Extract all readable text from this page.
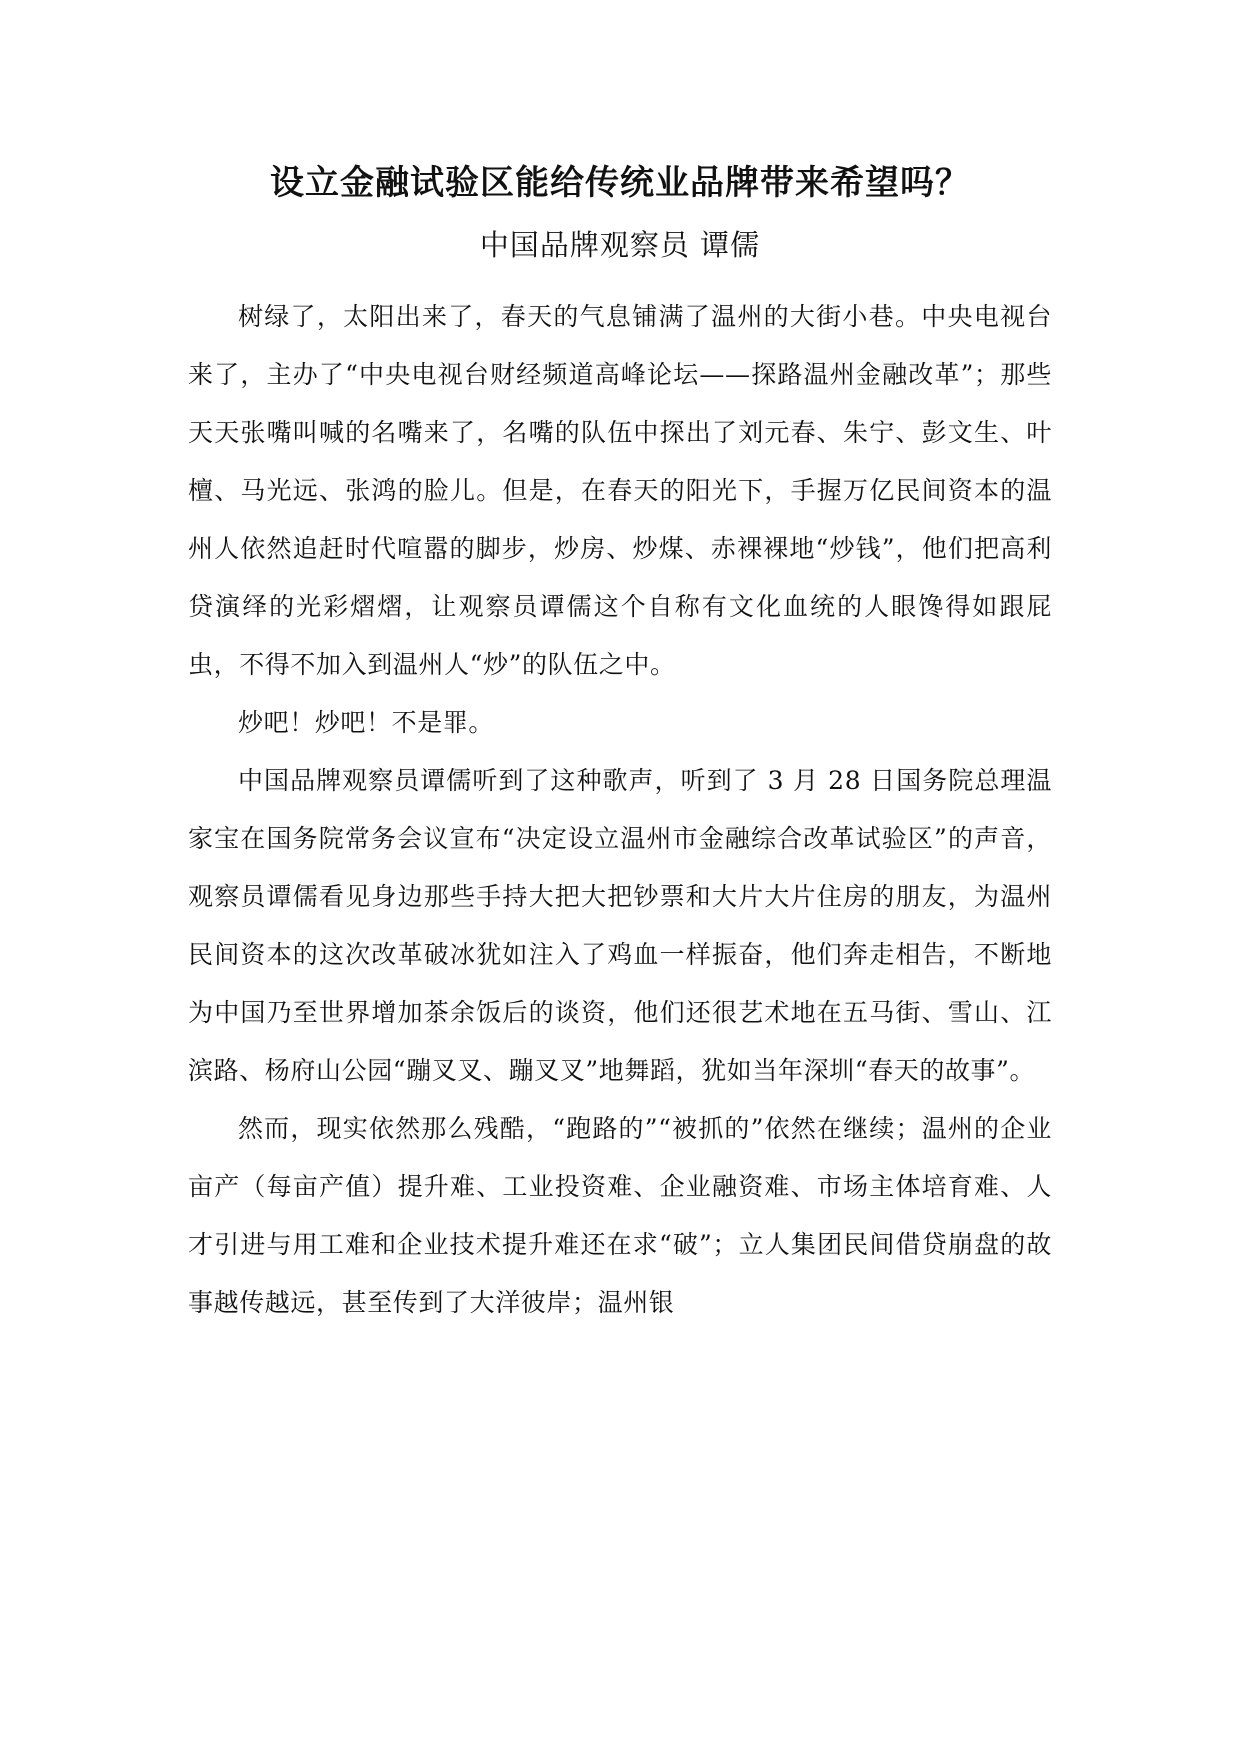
设立金融试验区能给传统业品牌带来希望吗？

中国品牌观察员 谭儒

树绿了，太阳出来了，春天的气息铺满了温州的大街小巷。中央电视台来了，主办了“中央电视台财经频道高峰论坛——探路温州金融改革”；那些天天张嘴叫喊的名嘴来了，名嘴的队伍中探出了刘元春、朱宁、彭文生、叶檀、马光远、张鸿的脸儿。但是，在春天的阳光下，手握万亿民间资本的温州人依然追赶时代喧嚣的脚步，炒房、炒煤、赤裸裸地“炒钱”，他们把高利贷演绎的光彩熠熠，让观察员谭儒这个自称有文化血统的人眼馋得如跟屁虫，不得不加入到温州人“炒”的队伍之中。

炒吧！炒吧！不是罪。

中国品牌观察员谭儒听到了这种歌声，听到了 3 月 28 日国务院总理温家宝在国务院常务会议宣布“决定设立温州市金融综合改革试验区”的声音，观察员谭儒看见身边那些手持大把大把钞票和大片大片住房的朋友，为温州民间资本的这次改革破冰犹如注入了鸡血一样振奋，他们奔走相告，不断地为中国乃至世界增加茶余饭后的谈资，他们还很艺术地在五马街、雪山、江滨路、杨府山公园“蹦叉叉、蹦叉叉”地舞蹈，犹如当年深圳“春天的故事”。

然而，现实依然那么残酷，“跑路的”“被抓的”依然在继续；温州的企业亩产（每亩产值）提升难、工业投资难、企业融资难、市场主体培育难、人才引进与用工难和企业技术提升难还在求“破”；立人集团民间借贷崩盘的故事越传越远，甚至传到了大洋彼岸；温州银
